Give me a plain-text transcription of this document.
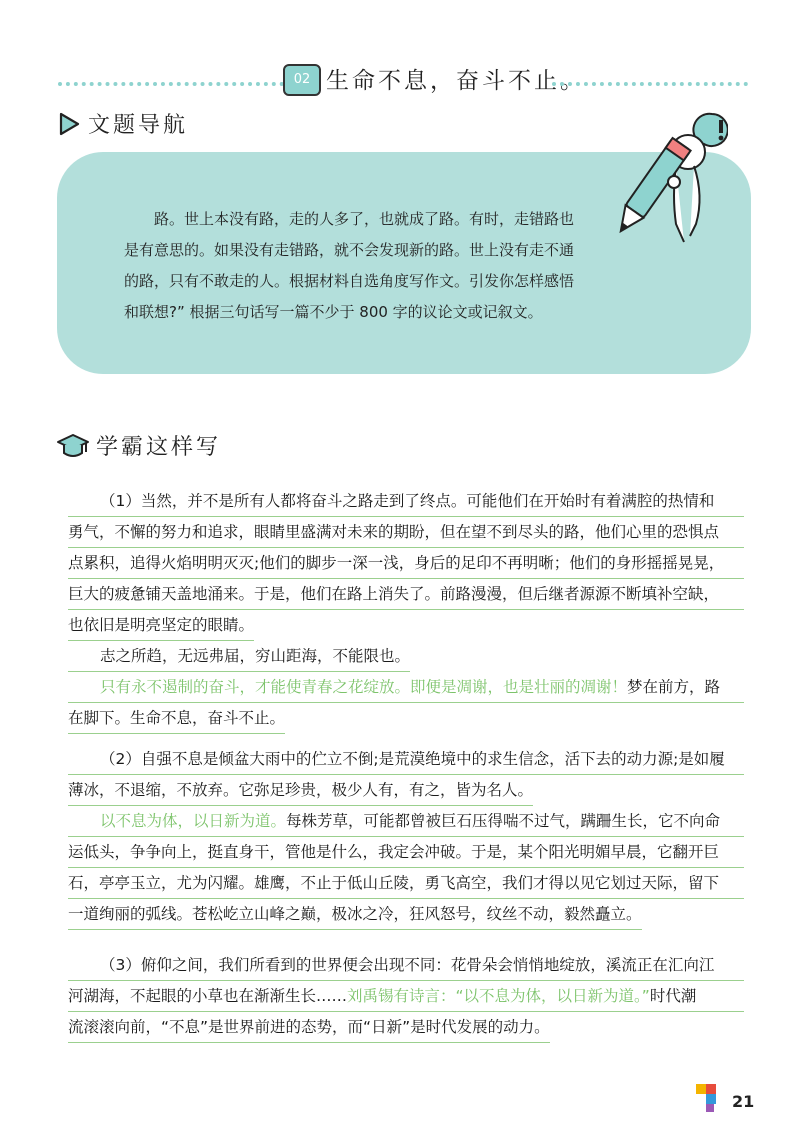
02 生命不息，奋斗不止。
文题导航
路。世上本没有路，走的人多了，也就成了路。有时，走错路也
是有意思的。如果没有走错路，就不会发现新的路。世上没有走不通
的路，只有不敢走的人。根据材料自选角度写作文。引发你怎样感悟
和联想?” 根据三句话写一篇不少于 800 字的议论文或记叙文。
学霸这样写
（1）当然，并不是所有人都将奋斗之路走到了终点。可能他们在开始时有着满腔的热情和
勇气，不懈的努力和追求，眼睛里盛满对未来的期盼，但在望不到尽头的路，他们心里的恐惧点
点累积，追得火焰明明灭灭;他们的脚步一深一浅，身后的足印不再明晰；他们的身形摇摇晃晃，
巨大的疲惫铺天盖地涌来。于是，他们在路上消失了。前路漫漫，但后继者源源不断填补空缺，
也依旧是明亮坚定的眼睛。
志之所趋，无远弗届，穷山距海，不能限也。
只有永不遏制的奋斗，才能使青春之花绽放。即便是凋谢，也是壮丽的凋谢！梦在前方，路
在脚下。生命不息，奋斗不止。
（2）自强不息是倾盆大雨中的伫立不倒;是荒漠绝境中的求生信念，活下去的动力源;是如履
薄冰，不退缩，不放弃。它弥足珍贵，极少人有，有之，皆为名人。
以不息为体，以日新为道。每株芳草，可能都曾被巨石压得喘不过气，蹒跚生长，它不向命
运低头，争争向上，挺直身干，管他是什么，我定会冲破。于是，某个阳光明媚早晨，它翻开巨
石，亭亭玉立，尤为闪耀。雄鹰，不止于低山丘陵，勇飞高空，我们才得以见它划过天际，留下
一道绚丽的弧线。苍松屹立山峰之巅，极冰之冷，狂风怒号，纹丝不动，毅然矗立。
（3）俯仰之间，我们所看到的世界便会出现不同：花骨朵会悄悄地绽放，溪流正在汇向江
河湖海，不起眼的小草也在渐渐生长……刘禹锡有诗言：“以不息为体，以日新为道。”时代潮
流滚滚向前，“不息”是世界前进的态势，而“日新”是时代发展的动力。
21
